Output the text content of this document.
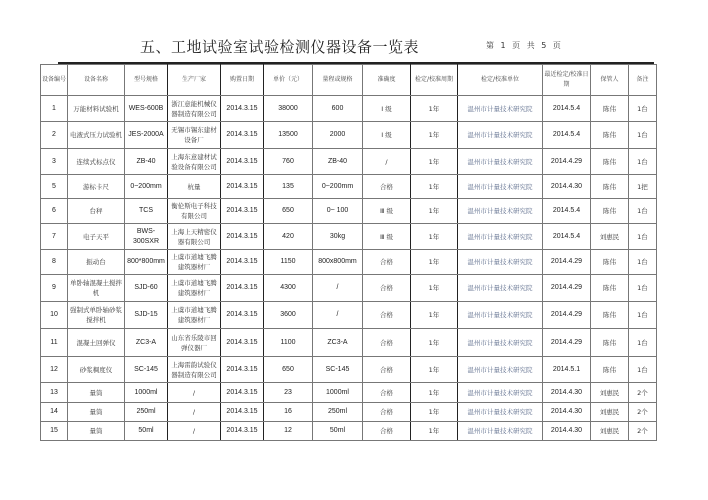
五、工地试验室试验检测仪器设备一览表	第 1 页 共 5 页
设备编号	设备名称	型号规格	生产厂家	购置日期	单价（元）	量程或规格	准确度	检定/校准周期	检定/校准单位	最近检定/校准日期	保管人	备注
1	万能材料试验机	WES-600B	浙江意能机械仪器制造有限公司	2014.3.15	38000	600	Ⅰ 级	1年	温州市计量技术研究院	2014.5.4	陈伟	1台
2	电液式压力试验机	JES-2000A	无锡市锡东建材设备厂	2014.3.15	13500	2000	Ⅰ 级	1年	温州市计量技术研究院	2014.5.4	陈伟	1台
3	连续式标点仪	ZB-40	上海东意建材试验设备有限公司	2014.3.15	760	ZB-40	/	1年	温州市计量技术研究院	2014.4.29	陈伟	1台
5	游标卡尺	0~200mm	杭量	2014.3.15	135	0~200mm	合格	1年	温州市计量技术研究院	2014.4.30	陈伟	1把
6	台秤	TCS	衡伦斯电子科技有限公司	2014.3.15	650	0~ 100	Ⅲ 级	1年	温州市计量技术研究院	2014.5.4	陈伟	1台
7	电子天平	BWS-300SXR	上海上天精密仪器有限公司	2014.3.15	420	30kg	Ⅲ 级	1年	温州市计量技术研究院	2014.5.4	刘惠民	1台
8	振动台	800*800mm	上虞市道墟飞腾建筑器材厂	2014.3.15	1150	800x800mm	合格	1年	温州市计量技术研究院	2014.4.29	陈伟	1台
9	单卧轴混凝土搅拌机	SJD-60	上虞市道墟飞腾建筑器材厂	2014.3.15	4300	/	合格	1年	温州市计量技术研究院	2014.4.29	陈伟	1台
10	强制式单卧轴砂浆搅拌机	SJD-15	上虞市道墟飞腾建筑器材厂	2014.3.15	3600	/	合格	1年	温州市计量技术研究院	2014.4.29	陈伟	1台
11	混凝土回弹仪	ZC3-A	山东省乐陵市回弹仪器厂	2014.3.15	1100	ZC3-A	合格	1年	温州市计量技术研究院	2014.4.29	陈伟	1台
12	砂浆稠度仪	SC-145	上海雷韵试验仪器制造有限公司	2014.3.15	650	SC-145	合格	1年	温州市计量技术研究院	2014.5.1	陈伟	1台
13	量筒	1000ml	/	2014.3.15	23	1000ml	合格	1年	温州市计量技术研究院	2014.4.30	刘惠民	2个
14	量筒	250ml	/	2014.3.15	16	250ml	合格	1年	温州市计量技术研究院	2014.4.30	刘惠民	2个
15	量筒	50ml	/	2014.3.15	12	50ml	合格	1年	温州市计量技术研究院	2014.4.30	刘惠民	2个
